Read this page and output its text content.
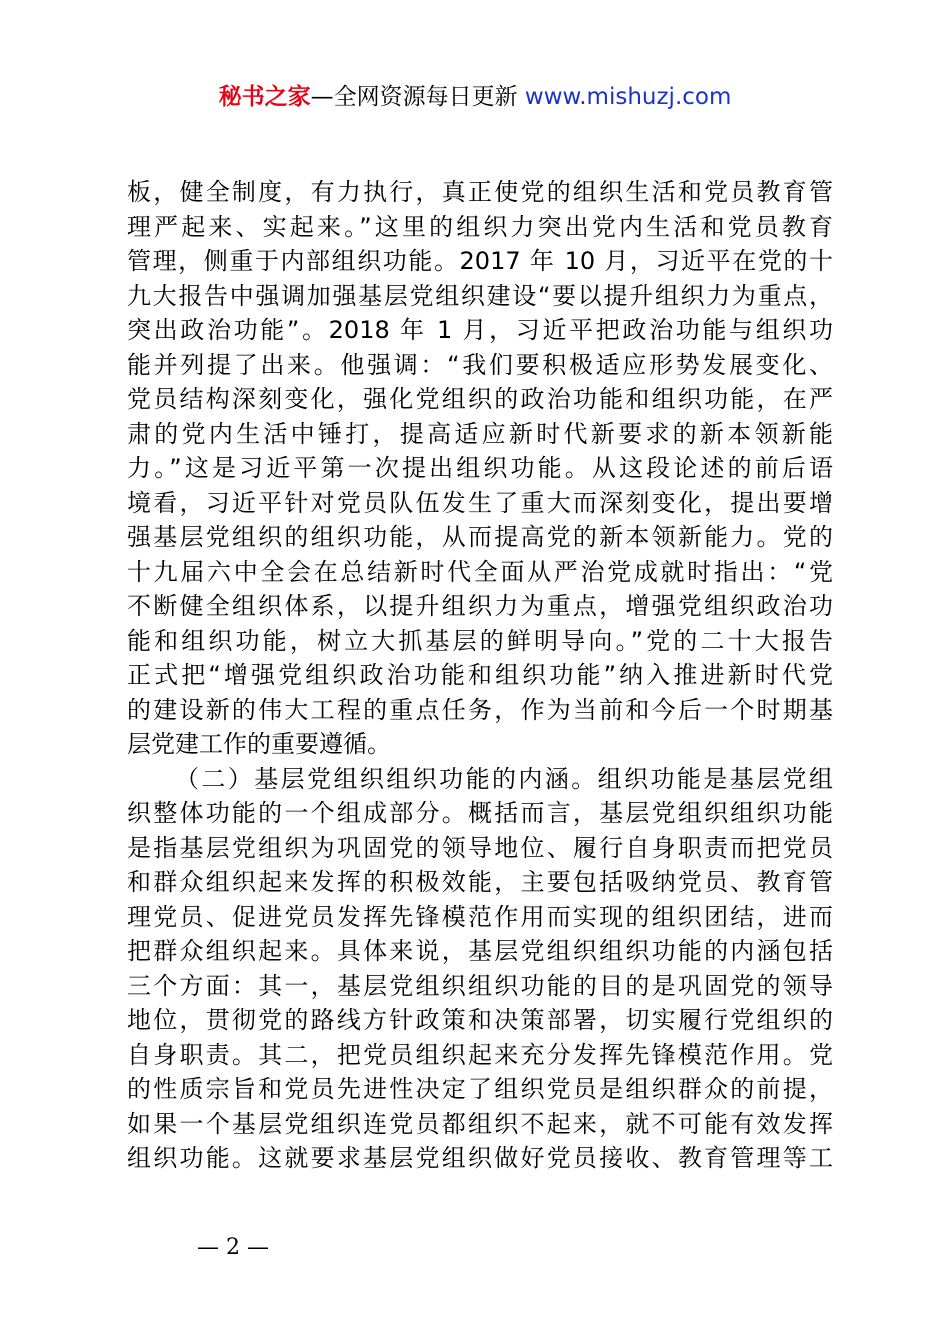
秘书之家—全网资源每日更新 www.mishuzj.com
板，健全制度，有力执行，真正使党的组织生活和党员教育管
理严起来、实起来。”这里的组织力突出党内生活和党员教育
管理，侧重于内部组织功能。2017 年 10 月，习近平在党的十
九大报告中强调加强基层党组织建设“要以提升组织力为重点，
突出政治功能”。2018 年 1 月，习近平把政治功能与组织功
能并列提了出来。他强调：“我们要积极适应形势发展变化、
党员结构深刻变化，强化党组织的政治功能和组织功能，在严
肃的党内生活中锤打，提高适应新时代新要求的新本领新能
力。”这是习近平第一次提出组织功能。从这段论述的前后语
境看，习近平针对党员队伍发生了重大而深刻变化，提出要增
强基层党组织的组织功能，从而提高党的新本领新能力。党的
十九届六中全会在总结新时代全面从严治党成就时指出：“党
不断健全组织体系，以提升组织力为重点，增强党组织政治功
能和组织功能，树立大抓基层的鲜明导向。”党的二十大报告
正式把“增强党组织政治功能和组织功能”纳入推进新时代党
的建设新的伟大工程的重点任务，作为当前和今后一个时期基
层党建工作的重要遵循。
（二）基层党组织组织功能的内涵。组织功能是基层党组
织整体功能的一个组成部分。概括而言，基层党组织组织功能
是指基层党组织为巩固党的领导地位、履行自身职责而把党员
和群众组织起来发挥的积极效能，主要包括吸纳党员、教育管
理党员、促进党员发挥先锋模范作用而实现的组织团结，进而
把群众组织起来。具体来说，基层党组织组织功能的内涵包括
三个方面：其一，基层党组织组织功能的目的是巩固党的领导
地位，贯彻党的路线方针政策和决策部署，切实履行党组织的
自身职责。其二，把党员组织起来充分发挥先锋模范作用。党
的性质宗旨和党员先进性决定了组织党员是组织群众的前提，
如果一个基层党组织连党员都组织不起来，就不可能有效发挥
组织功能。这就要求基层党组织做好党员接收、教育管理等工
— 2 —
